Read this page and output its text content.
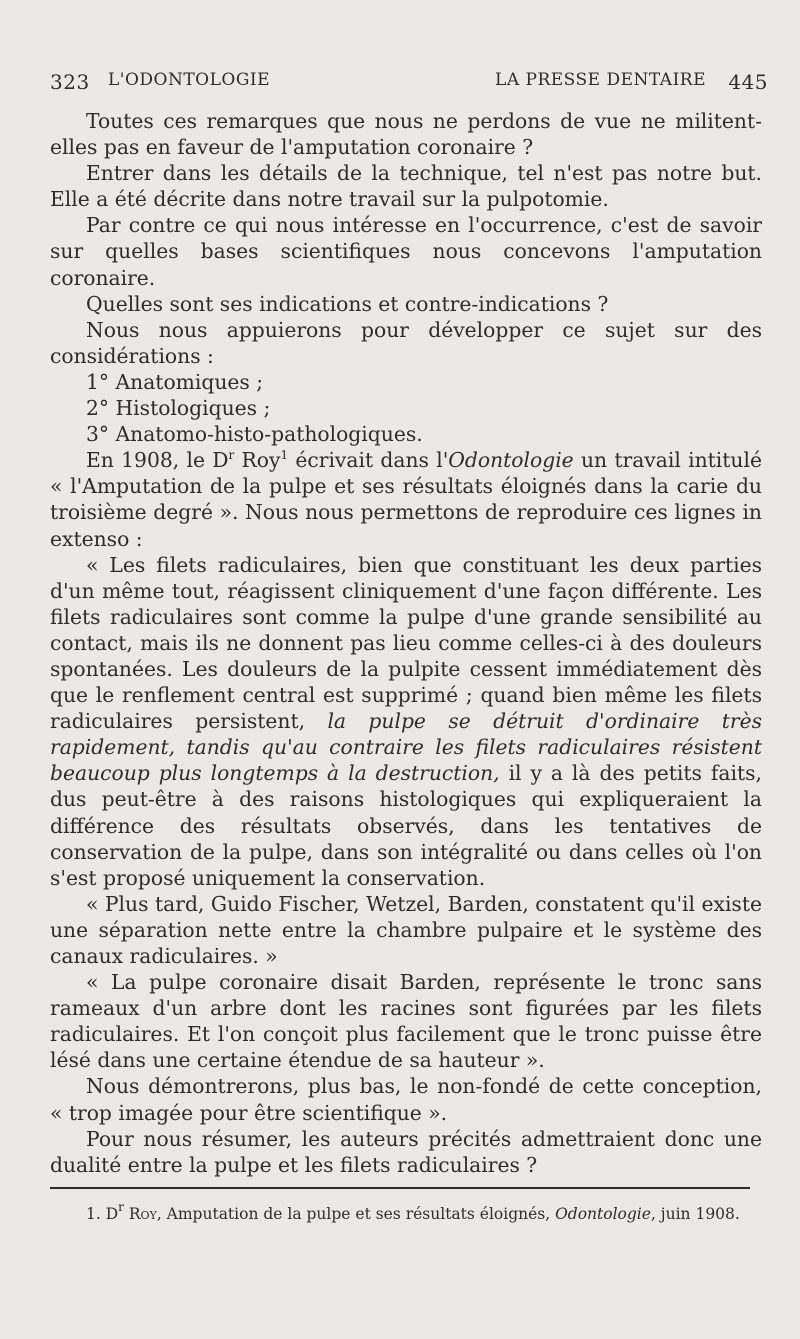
323 L'ODONTOLOGIE	LA PRESSE DENTAIRE 445

Toutes ces remarques que nous ne perdons de vue ne militent-elles pas en faveur de l'amputation coronaire ?

Entrer dans les détails de la technique, tel n'est pas notre but. Elle a été décrite dans notre travail sur la pulpotomie.

Par contre ce qui nous intéresse en l'occurrence, c'est de savoir sur quelles bases scientifiques nous concevons l'amputation coronaire.

Quelles sont ses indications et contre-indications ?

Nous nous appuierons pour développer ce sujet sur des considérations :

1° Anatomiques ;

2° Histologiques ;

3° Anatomo-histo-pathologiques.

En 1908, le $D^r$ Roy$^1$ écrivait dans l'Odontologie un travail intitulé « l'Amputation de la pulpe et ses résultats éloignés dans la carie du troisième degré ». Nous nous permettons de reproduire ces lignes in extenso :

« Les filets radiculaires, bien que constituant les deux parties d'un même tout, réagissent cliniquement d'une façon différente. Les filets radiculaires sont comme la pulpe d'une grande sensibilité au contact, mais ils ne donnent pas lieu comme celles-ci à des douleurs spontanées. Les douleurs de la pulpite cessent immédiatement dès que le renflement central est supprimé ; quand bien même les filets radiculaires persistent, la pulpe se détruit d'ordinaire très rapidement, tandis qu'au contraire les filets radiculaires résistent beaucoup plus longtemps à la destruction, il y a là des petits faits, dus peut-être à des raisons histologiques qui expliqueraient la différence des résultats observés, dans les tentatives de conservation de la pulpe, dans son intégralité ou dans celles où l'on s'est proposé uniquement la conservation.

« Plus tard, Guido Fischer, Wetzel, Barden, constatent qu'il existe une séparation nette entre la chambre pulpaire et le système des canaux radiculaires. »

« La pulpe coronaire disait Barden, représente le tronc sans rameaux d'un arbre dont les racines sont figurées par les filets radiculaires. Et l'on conçoit plus facilement que le tronc puisse être lésé dans une certaine étendue de sa hauteur ».

Nous démontrerons, plus bas, le non-fondé de cette conception, « trop imagée pour être scientifique ».

Pour nous résumer, les auteurs précités admettraient donc une dualité entre la pulpe et les filets radiculaires ?

1. $D^r$ Roy, Amputation de la pulpe et ses résultats éloignés, Odontologie, juin 1908.
